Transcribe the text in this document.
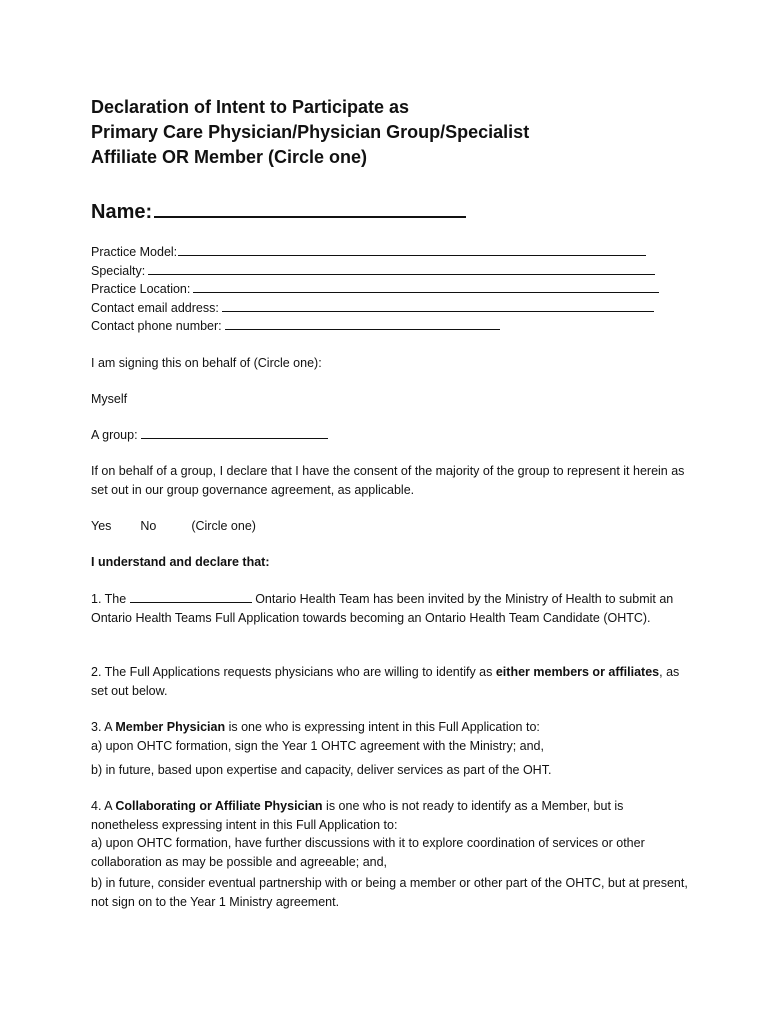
Declaration of Intent to Participate as
Primary Care Physician/Physician Group/Specialist
Affiliate OR Member (Circle one)
Name:
Practice Model:
Specialty:
Practice Location:
Contact email address:
Contact phone number:

I am signing this on behalf of (Circle one):

Myself

A group:

If on behalf of a group, I declare that I have the consent of the majority of the group to represent it herein as set out in our group governance agreement, as applicable.

Yes No	(Circle one)

I understand and declare that:

1. The	Ontario Health Team has been invited by the Ministry of Health to submit an Ontario Health Teams Full Application towards becoming an Ontario Health Team Candidate (OHTC).

2. The Full Applications requests physicians who are willing to identify as either members or affiliates, as set out below.

3. A Member Physician is one who is expressing intent in this Full Application to:

a) upon OHTC formation, sign the Year 1 OHTC agreement with the Ministry; and,

b) in future, based upon expertise and capacity, deliver services as part of the OHT.

4. A Collaborating or Affiliate Physician is one who is not ready to identify as a Member, but is nonetheless expressing intent in this Full Application to:

a) upon OHTC formation, have further discussions with it to explore coordination of services or other collaboration as may be possible and agreeable; and,

b) in future, consider eventual partnership with or being a member or other part of the OHTC, but at present, not sign on to the Year 1 Ministry agreement.
